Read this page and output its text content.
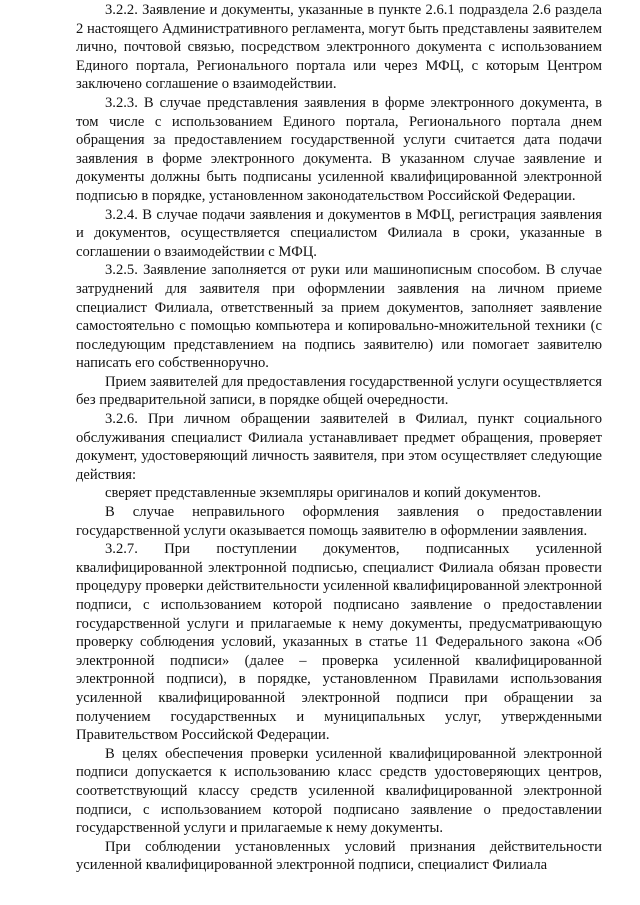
3.2.2. Заявление и документы, указанные в пункте 2.6.1 подраздела 2.6 раздела 2 настоящего Административного регламента, могут быть представлены заявителем лично, почтовой связью, посредством электронного документа с использованием Единого портала, Регионального портала или через МФЦ, с которым Центром заключено соглашение о взаимодействии.

3.2.3. В случае представления заявления в форме электронного документа, в том числе с использованием Единого портала, Регионального портала днем обращения за предоставлением государственной услуги считается дата подачи заявления в форме электронного документа. В указанном случае заявление и документы должны быть подписаны усиленной квалифицированной электронной подписью в порядке, установленном законодательством Российской Федерации.

3.2.4. В случае подачи заявления и документов в МФЦ, регистрация заявления и документов, осуществляется специалистом Филиала в сроки, указанные в соглашении о взаимодействии с МФЦ.

3.2.5. Заявление заполняется от руки или машинописным способом. В случае затруднений для заявителя при оформлении заявления на личном приеме специалист Филиала, ответственный за прием документов, заполняет заявление самостоятельно с помощью компьютера и копировально-множительной техники (с последующим представлением на подпись заявителю) или помогает заявителю написать его собственноручно.

Прием заявителей для предоставления государственной услуги осуществляется без предварительной записи, в порядке общей очередности.

3.2.6. При личном обращении заявителей в Филиал, пункт социального обслуживания специалист Филиала устанавливает предмет обращения, проверяет документ, удостоверяющий личность заявителя, при этом осуществляет следующие действия:

сверяет представленные экземпляры оригиналов и копий документов.

В случае неправильного оформления заявления о предоставлении государственной услуги оказывается помощь заявителю в оформлении заявления.

3.2.7. При поступлении документов, подписанных усиленной квалифицированной электронной подписью, специалист Филиала обязан провести процедуру проверки действительности усиленной квалифицированной электронной подписи, с использованием которой подписано заявление о предоставлении государственной услуги и прилагаемые к нему документы, предусматривающую проверку соблюдения условий, указанных в статье 11 Федерального закона «Об электронной подписи» (далее – проверка усиленной квалифицированной электронной подписи), в порядке, установленном Правилами использования усиленной квалифицированной электронной подписи при обращении за получением государственных и муниципальных услуг, утвержденными Правительством Российской Федерации.

В целях обеспечения проверки усиленной квалифицированной электронной подписи допускается к использованию класс средств удостоверяющих центров, соответствующий классу средств усиленной квалифицированной электронной подписи, с использованием которой подписано заявление о предоставлении государственной услуги и прилагаемые к нему документы.

При соблюдении установленных условий признания действительности усиленной квалифицированной электронной подписи, специалист Филиала
